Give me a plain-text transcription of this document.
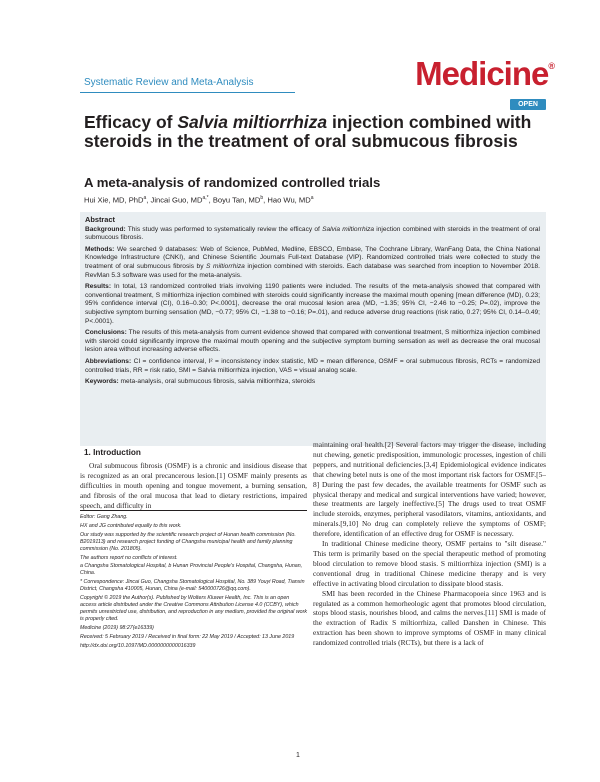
Systematic Review and Meta-Analysis	Medicine®
OPEN
Efficacy of Salvia miltiorrhiza injection combined with steroids in the treatment of oral submucous fibrosis
A meta-analysis of randomized controlled trials
Hui Xie, MD, PhD$^a$, Jincai Guo, $MD^{a,*}$, Boyu Tan, $MD^b$, Hao Wu, $MD^a$

Abstract

Background: This study was performed to systematically review the efficacy of Salvia miltiorrhiza injection combined with steroids in the treatment of oral submucous fibrosis.

Methods: We searched 9 databases: Web of Science, PubMed, Medline, EBSCO, Embase, The Cochrane Library, WanFang Data, the China National Knowledge Infrastructure (CNKI), and Chinese Scientific Journals Full-text Database (VIP). Randomized controlled trials were collected to study the treatment of oral submucous fibrosis by S miltiorrhiza injection combined with steroids. Each database was searched from inception to November 2018. RevMan 5.3 software was used for the meta-analysis.

Results: In total, 13 randomized controlled trials involving 1190 patients were included. The results of the meta-analysis showed that compared with conventional treatment, S miltiorrhiza injection combined with steroids could significantly increase the maximal mouth opening [mean difference (MD), 0.23; 95% confidence interval (CI), 0.16–0.30; P<.0001], decrease the oral mucosal lesion area (MD, −1.35; 95% CI, −2.46 to −0.25; P=.02), improve the subjective symptom burning sensation (MD, −0.77; 95% CI, −1.38 to −0.16; P=.01), and reduce adverse drug reactions (risk ratio, 0.27; 95% CI, 0.14–0.49; P<.0001).

Conclusions: The results of this meta-analysis from current evidence showed that compared with conventional treatment, S miltiorrhiza injection combined with steroid could significantly improve the maximal mouth opening and the subjective symptom burning sensation as well as decrease the oral mucosal lesion area without increasing adverse effects.

Abbreviations: CI = confidence interval, I² = inconsistency index statistic, MD = mean difference, OSMF = oral submucous fibrosis, RCTs = randomized controlled trials, RR = risk ratio, SMI = Salvia miltiorrhiza injection, VAS = visual analog scale.

Keywords: meta-analysis, oral submucous fibrosis, salvia miltiorrhiza, steroids

1. Introduction

Oral submucous fibrosis (OSMF) is a chronic and insidious disease that is recognized as an oral precancerous lesion.[1] OSMF mainly presents as difficulties in mouth opening and tongue movement, a burning sensation, and fibrosis of the oral mucosa that lead to dietary restrictions, impaired speech, and difficulty in

Editor: Gang Zhang.

HX and JG contributed equally to this work.

Our study was supported by the scientific research project of Hunan health commission (No. B2019113) and research project funding of Changsha municipal health and family planning commission (No. 201805).

The authors report no conflicts of interest.

a Changsha Stomatological Hospital, b Hunan Provincial People's Hospital, Changsha, Hunan, China.

* Correspondence: Jincai Guo, Changsha Stomatological Hospital, No. 389 Youyi Road, Tianxin District, Changsha 410005, Hunan, China (e-mail: 540000726@qq.com).

Copyright © 2019 the Author(s). Published by Wolters Kluwer Health, Inc. This is an open access article distributed under the Creative Commons Attribution License 4.0 (CCBY), which permits unrestricted use, distribution, and reproduction in any medium, provided the original work is properly cited.

Medicine (2019) 98:27(e16339)

Received: 5 February 2019 / Received in final form: 22 May 2019 / Accepted: 13 June 2019

http://dx.doi.org/10.1097/MD.0000000000016339

maintaining oral health.[2] Several factors may trigger the disease, including nut chewing, genetic predisposition, immunologic processes, ingestion of chili peppers, and nutritional deficiencies.[3,4] Epidemiological evidence indicates that chewing betel nuts is one of the most important risk factors for OSMF.[5–8] During the past few decades, the available treatments for OSMF such as physical therapy and medical and surgical interventions have varied; however, these treatments are largely ineffective.[5] The drugs used to treat OSMF include steroids, enzymes, peripheral vasodilators, vitamins, antioxidants, and minerals.[9,10] No drug can completely relieve the symptoms of OSMF; therefore, identification of an effective drug for OSMF is necessary.

In traditional Chinese medicine theory, OSMF pertains to "silt disease." This term is primarily based on the special therapeutic method of promoting blood circulation to remove blood stasis. S miltiorrhiza injection (SMI) is a conventional drug in traditional Chinese medicine therapy and is very effective in activating blood circulation to dissipate blood stasis.

SMI has been recorded in the Chinese Pharmacopoeia since 1963 and is regulated as a common hemorheologic agent that promotes blood circulation, stops blood stasis, nourishes blood, and calms the nerves.[11] SMI is made of the extraction of Radix S miltiorrhiza, called Danshen in Chinese. This extraction has been shown to improve symptoms of OSMF in many clinical randomized controlled trials (RCTs), but there is a lack of

1
